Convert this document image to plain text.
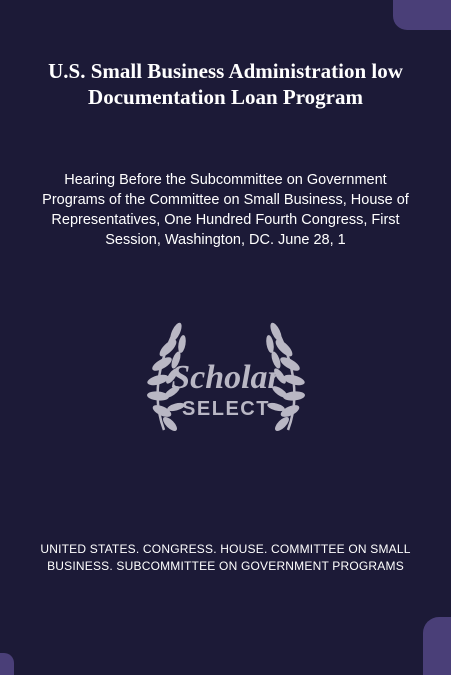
U.S. Small Business Administration low Documentation Loan Program

Hearing Before the Subcommittee on Government Programs of the Committee on Small Business, House of Representatives, One Hundred Fourth Congress, First Session, Washington, DC. June 28, 1

Scholar
SELECT

UNITED STATES. CONGRESS. HOUSE. COMMITTEE ON SMALL BUSINESS. SUBCOMMITTEE ON GOVERNMENT PROGRAMS
